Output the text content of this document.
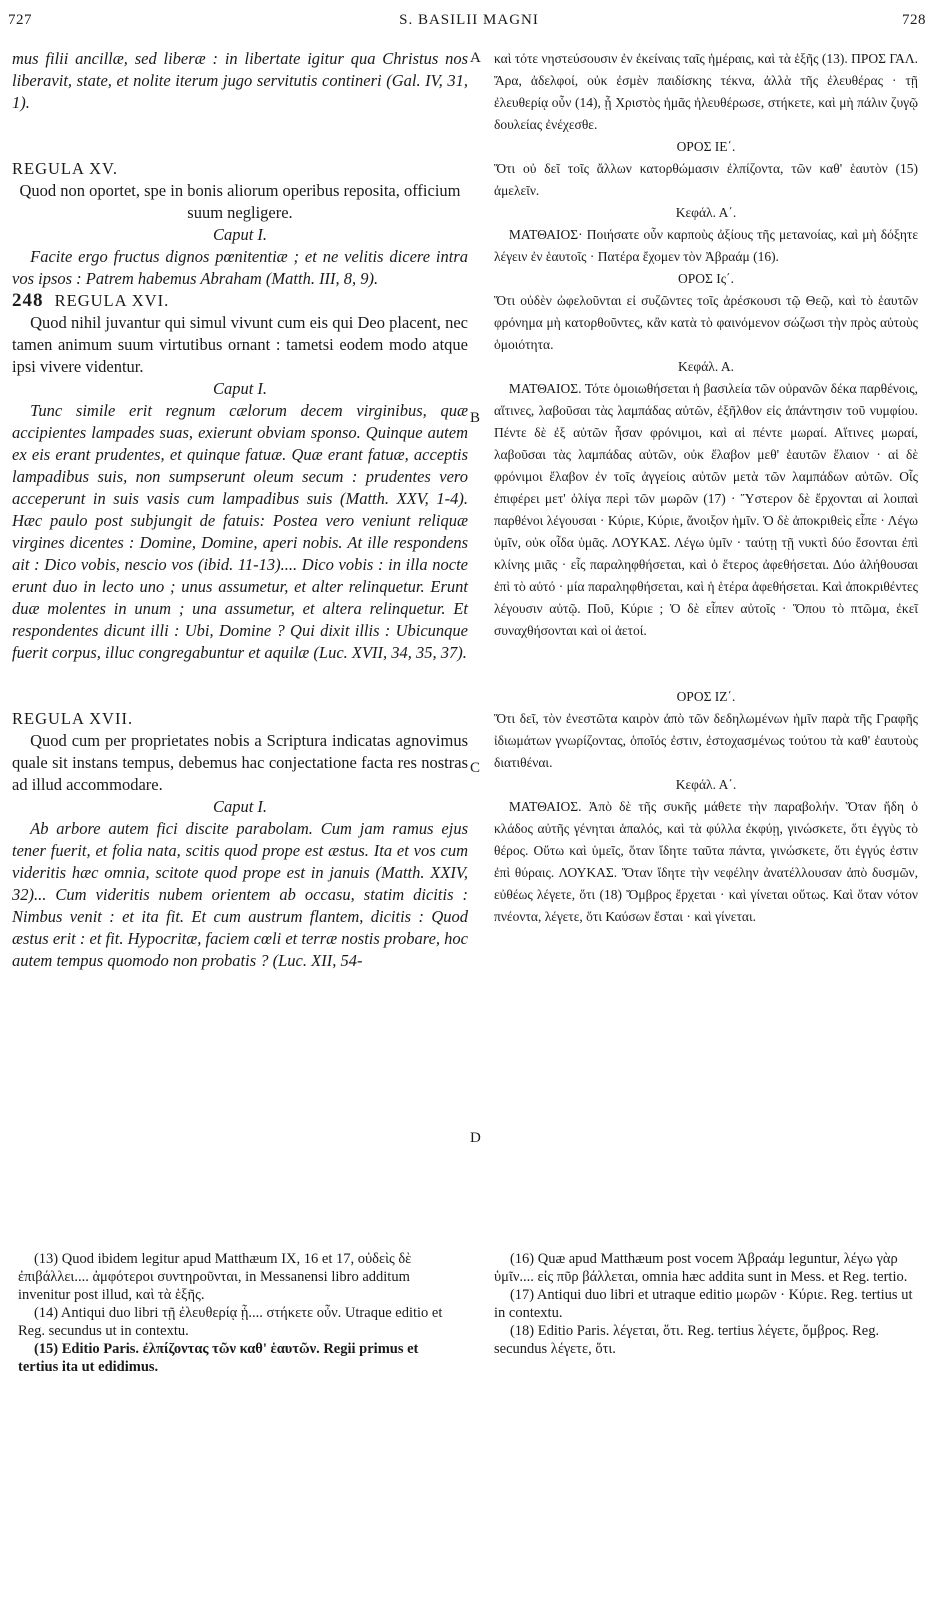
S. BASILII MAGNI
727	728

mus filii ancillæ, sed liberæ : in libertate igitur qua Christus nos liberavit, state, et nolite iterum jugo servitutis contineri (Gal. IV, 31, 1).

REGULA XV.

Quod non oportet, spe in bonis aliorum operibus reposita, officium suum negligere.

Caput I.

Facite ergo fructus dignos pœnitentiæ ; et ne velitis dicere intra vos ipsos : Patrem habemus Abraham (Matth. III, 8, 9).

248 REGULA XVI.

Quod nihil juvantur qui simul vivunt cum eis qui Deo placent, nec tamen animum suum virtutibus ornant : tametsi eodem modo atque ipsi vivere videntur.

Caput I.

Tunc simile erit regnum cælorum decem virginibus, quæ accipientes lampades suas, exierunt obviam sponso. Quinque autem ex eis erant prudentes, et quinque fatuæ. Quæ erant fatuæ, acceptis lampadibus suis, non sumpserunt oleum secum : prudentes vero acceperunt in suis vasis cum lampadibus suis (Matth. XXV, 1-4). Hæc paulo post subjungit de fatuis: Postea vero veniunt reliquæ virgines dicentes : Domine, Domine, aperi nobis. At ille respondens ait : Dico vobis, nescio vos (ibid. 11-13).... Dico vobis : in illa nocte erunt duo in lecto uno ; unus assumetur, et alter relinquetur. Erunt duæ molentes in unum ; una assumetur, et altera relinquetur. Et respondentes dicunt illi : Ubi, Domine ? Qui dixit illis : Ubicunque fuerit corpus, illuc congregabuntur et aquilæ (Luc. XVII, 34, 35, 37).

REGULA XVII.

Quod cum per proprietates nobis a Scriptura indicatas agnovimus quale sit instans tempus, debemus hac conjectatione facta res nostras ad illud accommodare.

Caput I.

Ab arbore autem fici discite parabolam. Cum jam ramus ejus tener fuerit, et folia nata, scitis quod prope est æstus. Ita et vos cum videritis hæc omnia, scitote quod prope est in januis (Matth. XXIV, 32)... Cum videritis nubem orientem ab occasu, statim dicitis : Nimbus venit : et ita fit. Et cum austrum flantem, dicitis : Quod æstus erit : et fit. Hypocritæ, faciem cœli et terræ nostis probare, hoc autem tempus quomodo non probatis ? (Luc. XII, 54-

A
B
C
D

καὶ τότε νηστεύσουσιν ἐν ἐκείναις ταῖς ἡμέραις, καὶ τὰ ἑξῆς (13). ΠΡΟΣ ΓΑΛ. Ἄρα, ἀδελφοί, οὐκ ἐσμὲν παιδίσκης τέκνα, ἀλλὰ τῆς ἐλευθέρας · τῇ ἐλευθερίᾳ οὖν (14), ᾗ Χριστὸς ἡμᾶς ἠλευθέρωσε, στήκετε, καὶ μὴ πάλιν ζυγῷ δουλείας ἐνέχεσθε.

ΟΡΟΣ ΙΕ΄.

Ὅτι οὐ δεῖ τοῖς ἄλλων κατορθώμασιν ἐλπίζοντα, τῶν καθ' ἑαυτὸν (15) ἀμελεῖν.

Κεφάλ. Α΄.

ΜΑΤΘΑΙΟΣ· Ποιήσατε οὖν καρποὺς ἀξίους τῆς μετανοίας, καὶ μὴ δόξητε λέγειν ἐν ἑαυτοῖς · Πατέρα ἔχομεν τὸν Ἀβραάμ (16).

ΟΡΟΣ Ις΄.

Ὅτι οὐδὲν ὠφελοῦνται εἰ συζῶντες τοῖς ἀρέσκουσι τῷ Θεῷ, καὶ τὸ ἑαυτῶν φρόνημα μὴ κατορθοῦντες, κἂν κατὰ τὸ φαινόμενον σώζωσι τὴν πρὸς αὐτοὺς ὁμοιότητα.

Κεφάλ. Α.

ΜΑΤΘΑΙΟΣ. Τότε ὁμοιωθήσεται ἡ βασιλεία τῶν οὐρανῶν δέκα παρθένοις, αἵτινες, λαβοῦσαι τὰς λαμπάδας αὐτῶν, ἐξῆλθον εἰς ἀπάντησιν τοῦ νυμφίου. Πέντε δὲ ἐξ αὐτῶν ἦσαν φρόνιμοι, καὶ αἱ πέντε μωραί. Αἵτινες μωραί, λαβοῦσαι τὰς λαμπάδας αὐτῶν, οὐκ ἔλαβον μεθ' ἑαυτῶν ἔλαιον · αἱ δὲ φρόνιμοι ἔλαβον ἐν τοῖς ἀγγείοις αὐτῶν μετὰ τῶν λαμπάδων αὐτῶν. Οἷς ἐπιφέρει μετ' ὀλίγα περὶ τῶν μωρῶν (17) · Ὕστερον δὲ ἔρχονται αἱ λοιπαὶ παρθένοι λέγουσαι · Κύριε, Κύριε, ἄνοιξον ἡμῖν. Ὁ δὲ ἀποκριθεὶς εἶπε · Λέγω ὑμῖν, οὐκ οἶδα ὑμᾶς. ΛΟΥΚΑΣ. Λέγω ὑμῖν · ταύτῃ τῇ νυκτὶ δύο ἔσονται ἐπὶ κλίνης μιᾶς · εἷς παραληφθήσεται, καὶ ὁ ἕτερος ἀφεθήσεται. Δύο ἀλήθουσαι ἐπὶ τὸ αὐτό · μία παραληφθήσεται, καὶ ἡ ἑτέρα ἀφεθήσεται. Καὶ ἀποκριθέντες λέγουσιν αὐτῷ. Ποῦ, Κύριε ; Ὁ δὲ εἶπεν αὐτοῖς · Ὅπου τὸ πτῶμα, ἐκεῖ συναχθήσονται καὶ οἱ ἀετοί.

ΟΡΟΣ ΙΖ΄.

Ὅτι δεῖ, τὸν ἐνεστῶτα καιρὸν ἀπὸ τῶν δεδηλωμένων ἡμῖν παρὰ τῆς Γραφῆς ἰδιωμάτων γνωρίζοντας, ὁποῖός ἐστιν, ἐστοχασμένως τούτου τὰ καθ' ἑαυτοὺς διατιθέναι.

Κεφάλ. Α΄.

ΜΑΤΘΑΙΟΣ. Ἀπὸ δὲ τῆς συκῆς μάθετε τὴν παραβολήν. Ὅταν ἤδη ὁ κλάδος αὐτῆς γένηται ἁπαλός, καὶ τὰ φύλλα ἐκφύῃ, γινώσκετε, ὅτι ἐγγὺς τὸ θέρος. Οὕτω καὶ ὑμεῖς, ὅταν ἴδητε ταῦτα πάντα, γινώσκετε, ὅτι ἐγγύς ἐστιν ἐπὶ θύραις. ΛΟΥΚΑΣ. Ὅταν ἴδητε τὴν νεφέλην ἀνατέλλουσαν ἀπὸ δυσμῶν, εὐθέως λέγετε, ὅτι (18) Ὄμβρος ἔρχεται · καὶ γίνεται οὕτως. Καὶ ὅταν νότον πνέοντα, λέγετε, ὅτι Καύσων ἔσται · καὶ γίνεται.

(13) Quod ibidem legitur apud Matthæum IX, 16 et 17, οὐδεὶς δὲ ἐπιβάλλει.... ἀμφότεροι συντηροῦνται, in Messanensi libro additum invenitur post illud, καὶ τὰ ἑξῆς.

(14) Antiqui duo libri τῇ ἐλευθερίᾳ ᾗ.... στήκετε οὖν. Utraque editio et Reg. secundus ut in contextu.

(15) Editio Paris. ἐλπίζοντας τῶν καθ' ἑαυτῶν. Regii primus et tertius ita ut edidimus.

(16) Quæ apud Matthæum post vocem Ἀβραάμ leguntur, λέγω γὰρ ὑμῖν.... εἰς πῦρ βάλλεται, omnia hæc addita sunt in Mess. et Reg. tertio.

(17) Antiqui duo libri et utraque editio μωρῶν · Κύριε. Reg. tertius ut in contextu.

(18) Editio Paris. λέγεται, ὅτι. Reg. tertius λέγετε, ὄμβρος. Reg. secundus λέγετε, ὅτι.
